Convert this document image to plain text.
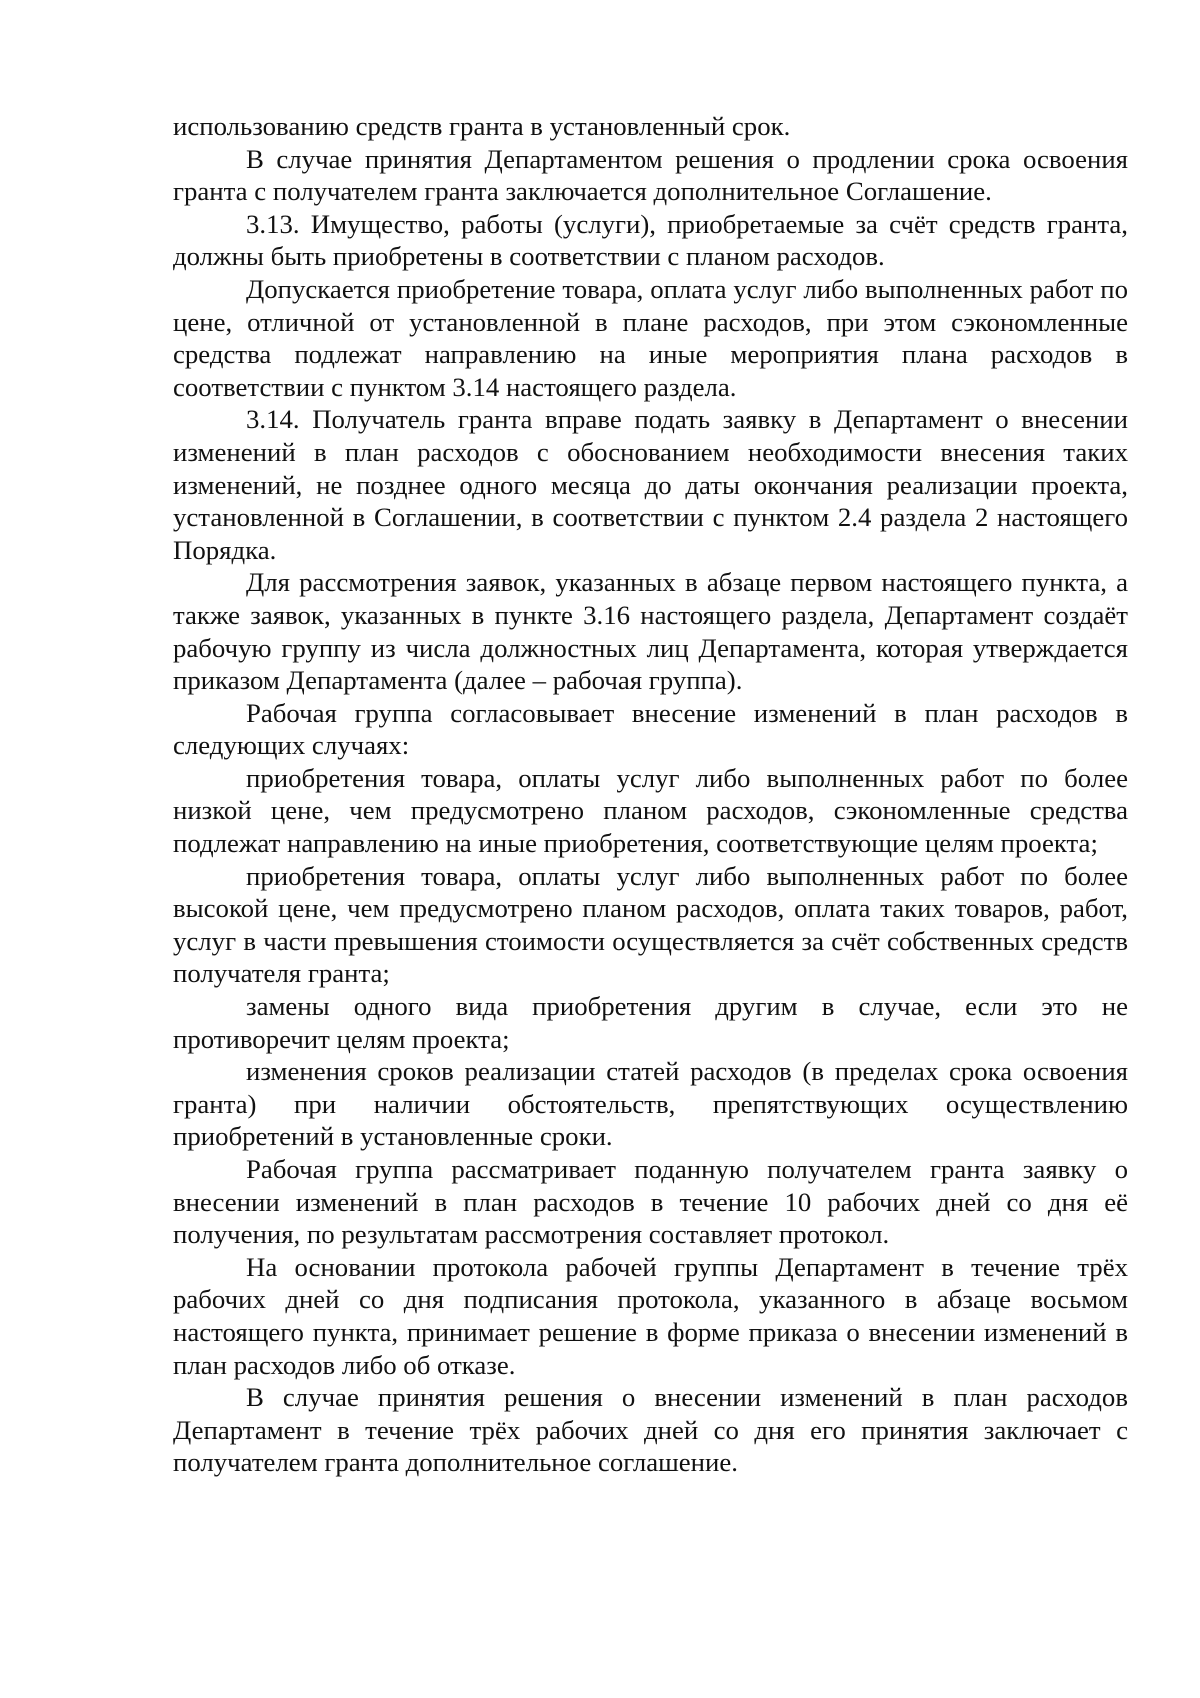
использованию средств гранта в установленный срок.

В случае принятия Департаментом решения о продлении срока освоения гранта с получателем гранта заключается дополнительное Соглашение.

3.13. Имущество, работы (услуги), приобретаемые за счёт средств гранта, должны быть приобретены в соответствии с планом расходов.

Допускается приобретение товара, оплата услуг либо выполненных работ по цене, отличной от установленной в плане расходов, при этом сэкономленные средства подлежат направлению на иные мероприятия плана расходов в соответствии с пунктом 3.14 настоящего раздела.

3.14. Получатель гранта вправе подать заявку в Департамент о внесении изменений в план расходов с обоснованием необходимости внесения таких изменений, не позднее одного месяца до даты окончания реализации проекта, установленной в Соглашении, в соответствии с пунктом 2.4 раздела 2 настоящего Порядка.

Для рассмотрения заявок, указанных в абзаце первом настоящего пункта, а также заявок, указанных в пункте 3.16 настоящего раздела, Департамент создаёт рабочую группу из числа должностных лиц Департамента, которая утверждается приказом Департамента (далее – рабочая группа).

Рабочая группа согласовывает внесение изменений в план расходов в следующих случаях:

приобретения товара, оплаты услуг либо выполненных работ по более низкой цене, чем предусмотрено планом расходов, сэкономленные средства подлежат направлению на иные приобретения, соответствующие целям проекта;

приобретения товара, оплаты услуг либо выполненных работ по более высокой цене, чем предусмотрено планом расходов, оплата таких товаров, работ, услуг в части превышения стоимости осуществляется за счёт собственных средств получателя гранта;

замены одного вида приобретения другим в случае, если это не противоречит целям проекта;

изменения сроков реализации статей расходов (в пределах срока освоения гранта) при наличии обстоятельств, препятствующих осуществлению приобретений в установленные сроки.

Рабочая группа рассматривает поданную получателем гранта заявку о внесении изменений в план расходов в течение 10 рабочих дней со дня её получения, по результатам рассмотрения составляет протокол.

На основании протокола рабочей группы Департамент в течение трёх рабочих дней со дня подписания протокола, указанного в абзаце восьмом настоящего пункта, принимает решение в форме приказа о внесении изменений в план расходов либо об отказе.

В случае принятия решения о внесении изменений в план расходов Департамент в течение трёх рабочих дней со дня его принятия заключает с получателем гранта дополнительное соглашение.
